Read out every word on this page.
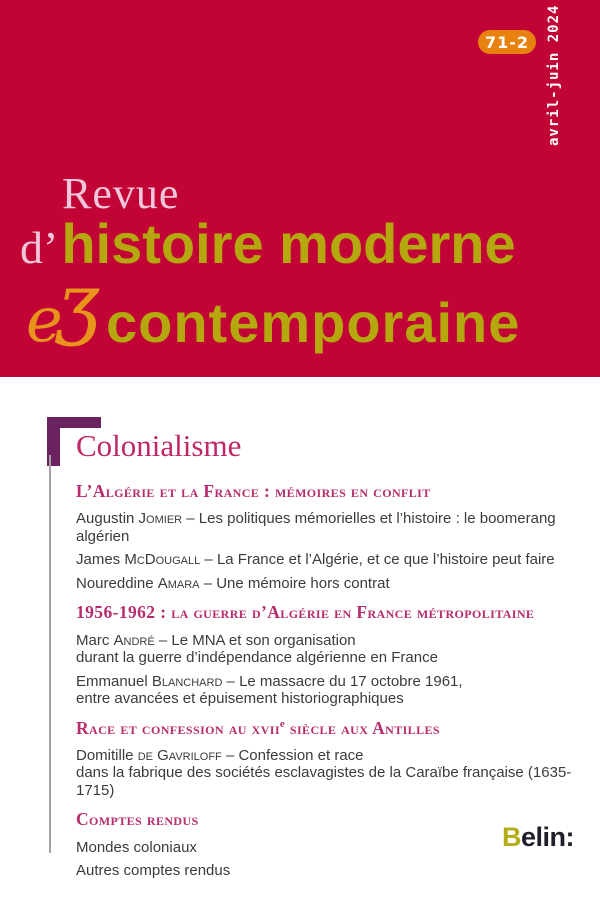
71-2 avril-juin 2024
Revue
d’ histoire moderne
e ʒ contemporaine
Colonialisme
L’Algérie et la France : mémoires en conflit

Augustin Jomier – Les politiques mémorielles et l’histoire : le boomerang algérien

James McDougall – La France et l’Algérie, et ce que l’histoire peut faire

Noureddine Amara – Une mémoire hors contrat

1956-1962 : la guerre d’Algérie en France métropolitaine

Marc André – Le MNA et son organisation
durant la guerre d’indépendance algérienne en France

Emmanuel Blanchard – Le massacre du 17 octobre 1961,
entre avancées et épuisement historiographiques

Race et confession au xvii$^e$ siècle aux Antilles

Domitille de Gavriloff – Confession et race
dans la fabrique des sociétés esclavagistes de la Caraïbe française (1635-1715)

Comptes rendus

Mondes coloniaux

Autres comptes rendus

Belin:
